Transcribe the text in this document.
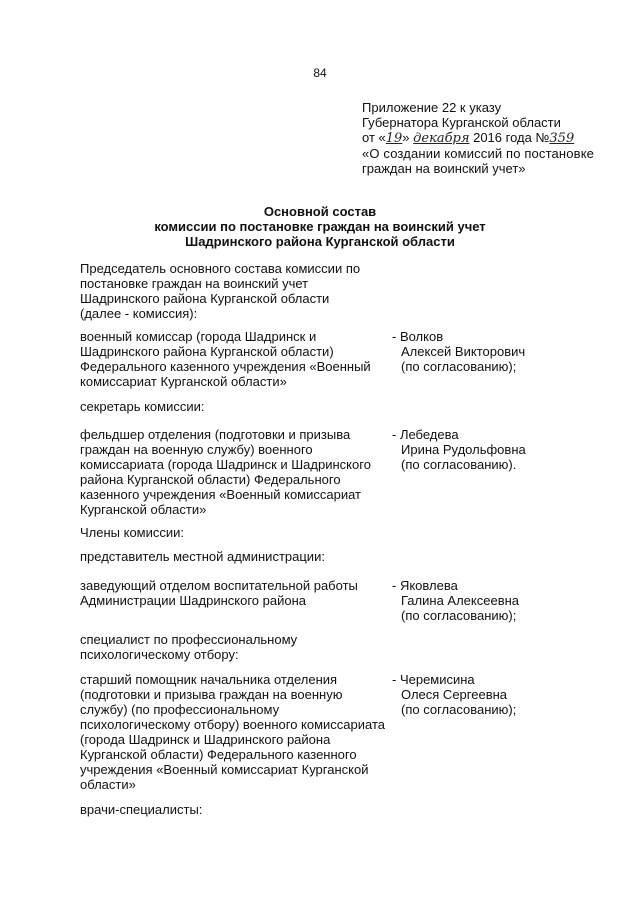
84
Приложение 22 к указу
Губернатора Курганской области
от «19» декабря 2016 года №359
«О создании комиссий по постановке
граждан на воинский учет»
Основной состав
комиссии по постановке граждан на воинский учет
Шадринского района Курганской области
Председатель основного состава комиссии по
постановке граждан на воинский учет
Шадринского района Курганской области
(далее - комиссия):
военный комиссар (города Шадринск и
Шадринского района Курганской области)
Федерального казенного учреждения «Военный
комиссариат Курганской области»
- Волков
Алексей Викторович
(по согласованию);
секретарь комиссии:
фельдшер отделения (подготовки и призыва
граждан на военную службу) военного
комиссариата (города Шадринск и Шадринского
района Курганской области) Федерального
казенного учреждения «Военный комиссариат
Курганской области»
- Лебедева
Ирина Рудольфовна
(по согласованию).
Члены комиссии:
представитель местной администрации:
заведующий отделом воспитательной работы
Администрации Шадринского района
- Яковлева
Галина Алексеевна
(по согласованию);
специалист по профессиональному
психологическому отбору:
старший помощник начальника отделения
(подготовки и призыва граждан на военную
службу) (по профессиональному
психологическому отбору) военного комиссариата
(города Шадринск и Шадринского района
Курганской области) Федерального казенного
учреждения «Военный комиссариат Курганской
области»
- Черемисина
Олеся Сергеевна
(по согласованию);
врачи-специалисты:
